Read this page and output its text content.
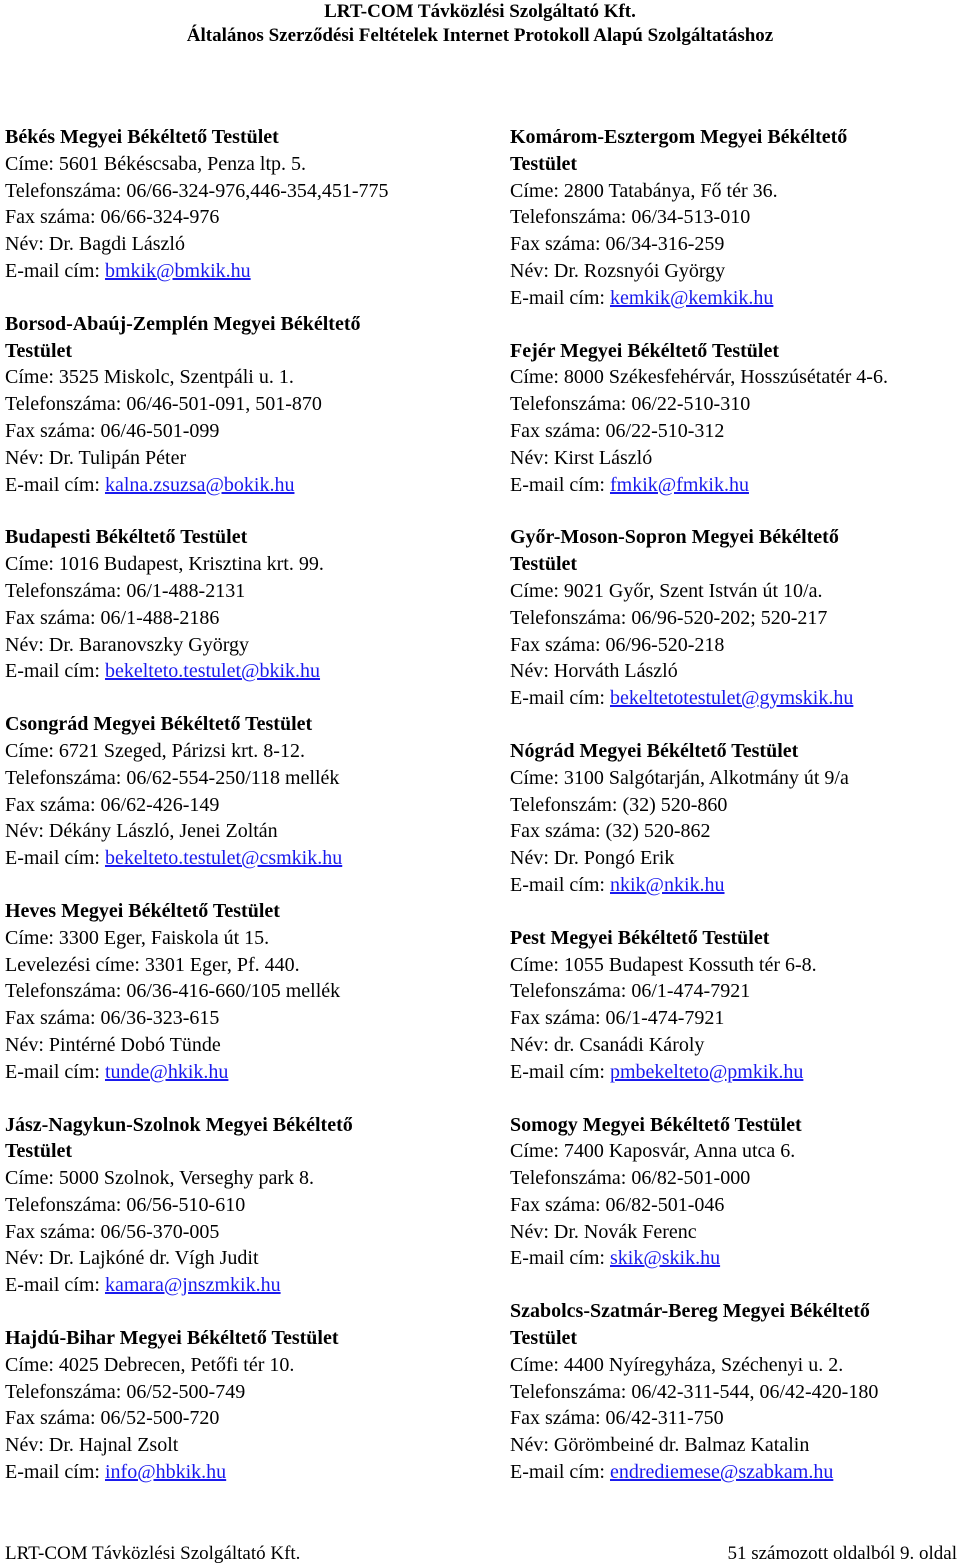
LRT-COM Távközlési Szolgáltató Kft.
Általános Szerződési Feltételek Internet Protokoll Alapú Szolgáltatáshoz
Békés Megyei Békéltető Testület
Címe: 5601 Békéscsaba, Penza ltp. 5.
Telefonszáma: 06/66-324-976,446-354,451-775
Fax száma: 06/66-324-976
Név: Dr. Bagdi László
E-mail cím: bmkik@bmkik.hu
Borsod-Abaúj-Zemplén Megyei Békéltető
Testület
Címe: 3525 Miskolc, Szentpáli u. 1.
Telefonszáma: 06/46-501-091, 501-870
Fax száma: 06/46-501-099
Név: Dr. Tulipán Péter
E-mail cím: kalna.zsuzsa@bokik.hu
Budapesti Békéltető Testület
Címe: 1016 Budapest, Krisztina krt. 99.
Telefonszáma: 06/1-488-2131
Fax száma: 06/1-488-2186
Név: Dr. Baranovszky György
E-mail cím: bekelteto.testulet@bkik.hu
Csongrád Megyei Békéltető Testület
Címe: 6721 Szeged, Párizsi krt. 8-12.
Telefonszáma: 06/62-554-250/118 mellék
Fax száma: 06/62-426-149
Név: Dékány László, Jenei Zoltán
E-mail cím: bekelteto.testulet@csmkik.hu
Heves Megyei Békéltető Testület
Címe: 3300 Eger, Faiskola út 15.
Levelezési címe: 3301 Eger, Pf. 440.
Telefonszáma: 06/36-416-660/105 mellék
Fax száma: 06/36-323-615
Név: Pintérné Dobó Tünde
E-mail cím: tunde@hkik.hu
Jász-Nagykun-Szolnok Megyei Békéltető
Testület
Címe: 5000 Szolnok, Verseghy park 8.
Telefonszáma: 06/56-510-610
Fax száma: 06/56-370-005
Név: Dr. Lajkóné dr. Vígh Judit
E-mail cím: kamara@jnszmkik.hu
Hajdú-Bihar Megyei Békéltető Testület
Címe: 4025 Debrecen, Petőfi tér 10.
Telefonszáma: 06/52-500-749
Fax száma: 06/52-500-720
Név: Dr. Hajnal Zsolt
E-mail cím: info@hbkik.hu
Komárom-Esztergom Megyei Békéltető
Testület
Címe: 2800 Tatabánya, Fő tér 36.
Telefonszáma: 06/34-513-010
Fax száma: 06/34-316-259
Név: Dr. Rozsnyói György
E-mail cím: kemkik@kemkik.hu
Fejér Megyei Békéltető Testület
Címe: 8000 Székesfehérvár, Hosszúsétatér 4-6.
Telefonszáma: 06/22-510-310
Fax száma: 06/22-510-312
Név: Kirst László
E-mail cím: fmkik@fmkik.hu
Győr-Moson-Sopron Megyei Békéltető
Testület
Címe: 9021 Győr, Szent István út 10/a.
Telefonszáma: 06/96-520-202; 520-217
Fax száma: 06/96-520-218
Név: Horváth László
E-mail cím: bekeltetotestulet@gymskik.hu
Nógrád Megyei Békéltető Testület
Címe: 3100 Salgótarján, Alkotmány út 9/a
Telefonszám: (32) 520-860
Fax száma: (32) 520-862
Név: Dr. Pongó Erik
E-mail cím: nkik@nkik.hu
Pest Megyei Békéltető Testület
Címe: 1055 Budapest Kossuth tér 6-8.
Telefonszáma: 06/1-474-7921
Fax száma: 06/1-474-7921
Név: dr. Csanádi Károly
E-mail cím: pmbekelteto@pmkik.hu
Somogy Megyei Békéltető Testület
Címe: 7400 Kaposvár, Anna utca 6.
Telefonszáma: 06/82-501-000
Fax száma: 06/82-501-046
Név: Dr. Novák Ferenc
E-mail cím: skik@skik.hu
Szabolcs-Szatmár-Bereg Megyei Békéltető
Testület
Címe: 4400 Nyíregyháza, Széchenyi u. 2.
Telefonszáma: 06/42-311-544, 06/42-420-180
Fax száma: 06/42-311-750
Név: Görömbeiné dr. Balmaz Katalin
E-mail cím: endrediemese@szabkam.hu
LRT-COM Távközlési Szolgáltató Kft.	51 számozott oldalból 9. oldal
